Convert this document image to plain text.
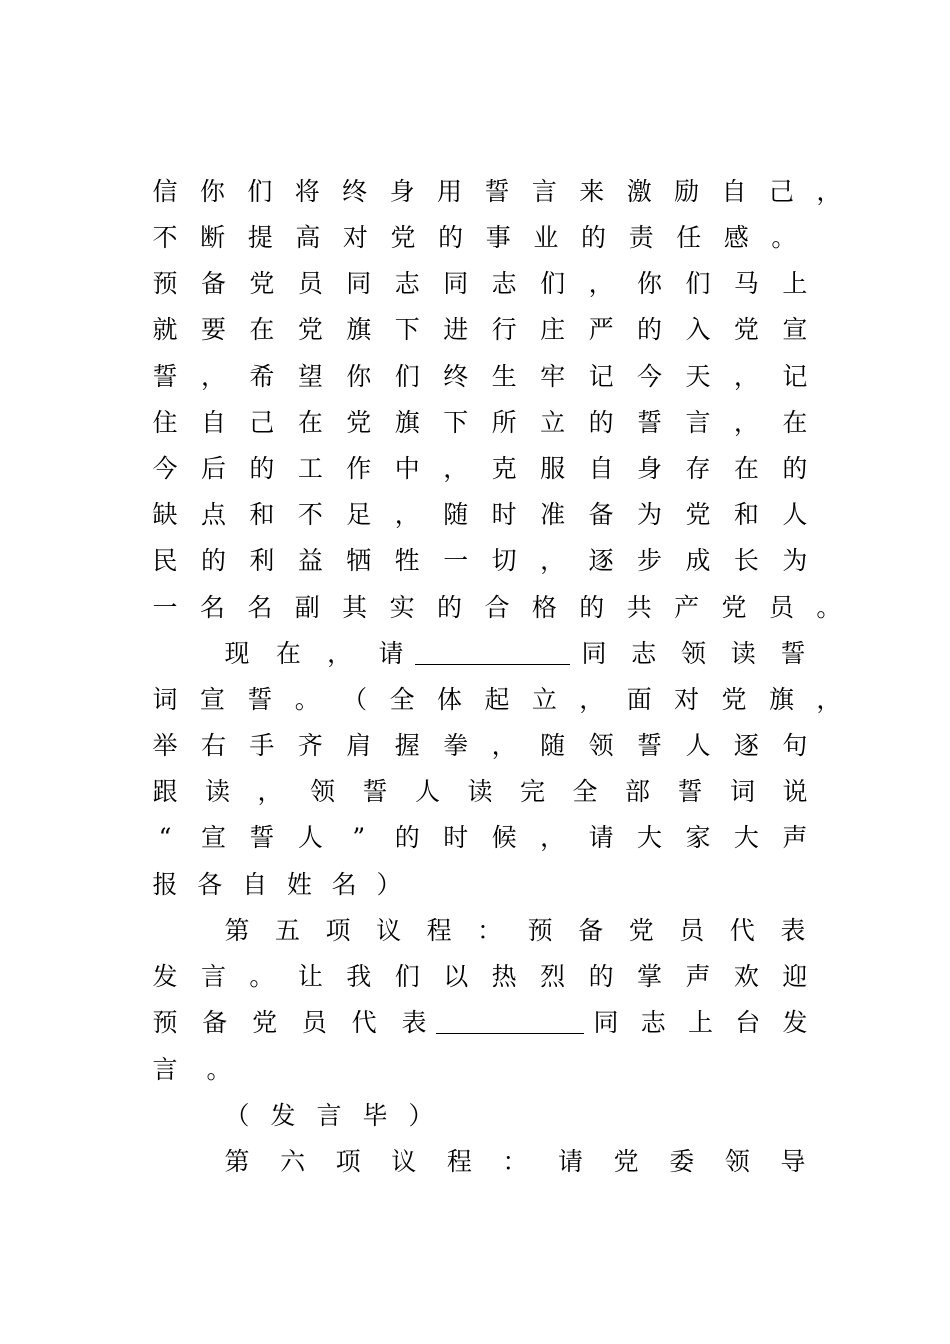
信 你 们 将 终 身 用 誓 言 来 激 励 自 己 ，
不 断 提 高 对 党 的 事 业 的 责 任 感 。
预 备 党 员 同 志 同 志 们 ， 你 们 马 上
就 要 在 党 旗 下 进 行 庄 严 的 入 党 宣
誓 ， 希 望 你 们 终 生 牢 记 今 天 ， 记
住 自 己 在 党 旗 下 所 立 的 誓 言 ， 在
今 后 的 工 作 中 ， 克 服 自 身 存 在 的
缺 点 和 不 足 ， 随 时 准 备 为 党 和 人
民 的 利 益 牺 牲 一 切 ， 逐 步 成 长 为
一 名 名 副 其 实 的 合 格 的 共 产 党 员 。
现 在 ， 请	同 志 领 读 誓
词 宣 誓 。 （ 全 体 起 立 ， 面 对 党 旗 ，
举 右 手 齐 肩 握 拳 ， 随 领 誓 人 逐 句
跟 读 ， 领 誓 人 读 完 全 部 誓 词 说
“ 宣 誓 人 ” 的 时 候 ， 请 大 家 大 声
报 各 自 姓 名 ）
第 五 项 议 程 ： 预 备 党 员 代 表
发 言 。 让 我 们 以 热 烈 的 掌 声 欢 迎
预 备 党 员 代 表	同 志 上 台 发
言 。
（ 发 言 毕 ）
第 六 项 议 程 ： 请 党 委 领 导
